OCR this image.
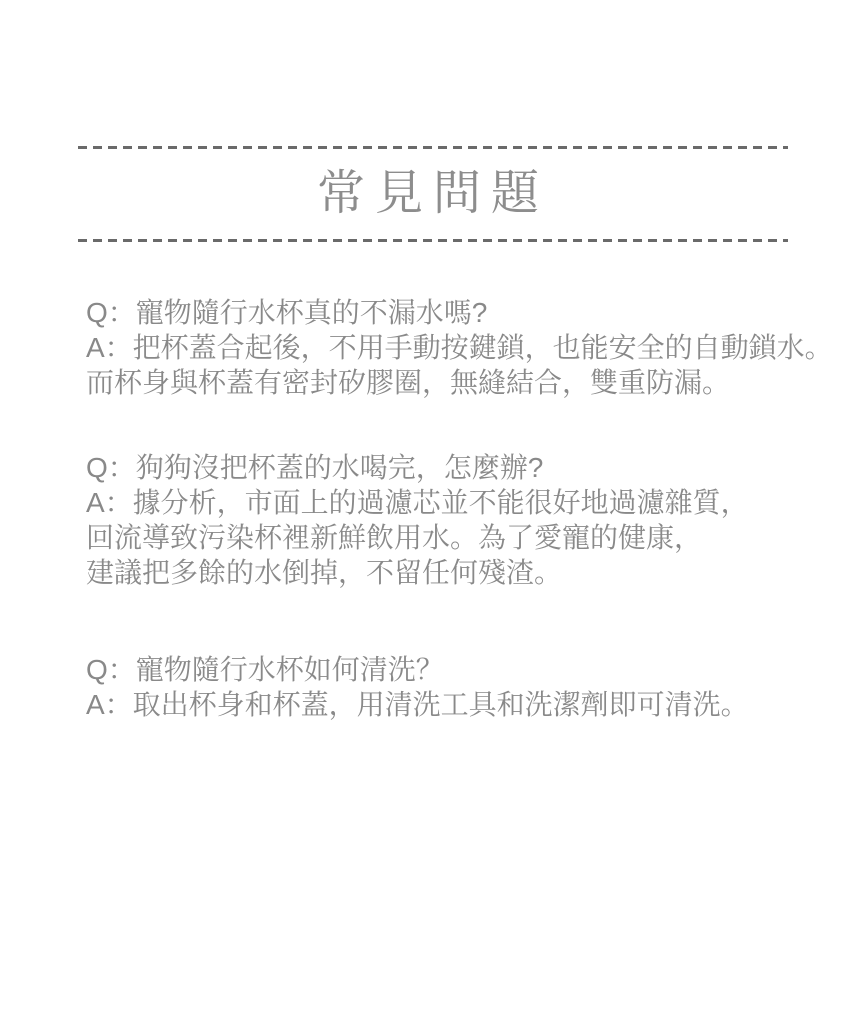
常見問題
Q：寵物隨行水杯真的不漏水嗎?
A：把杯蓋合起後，不用手動按鍵鎖，也能安全的自動鎖水。
而杯身與杯蓋有密封矽膠圈，無縫結合，雙重防漏。
Q：狗狗沒把杯蓋的水喝完，怎麼辦?
A：據分析，市面上的過濾芯並不能很好地過濾雜質，
回流導致污染杯裡新鮮飲用水。為了愛寵的健康，
建議把多餘的水倒掉，不留任何殘渣。
Q：寵物隨行水杯如何清洗？
A：取出杯身和杯蓋，用清洗工具和洗潔劑即可清洗。
